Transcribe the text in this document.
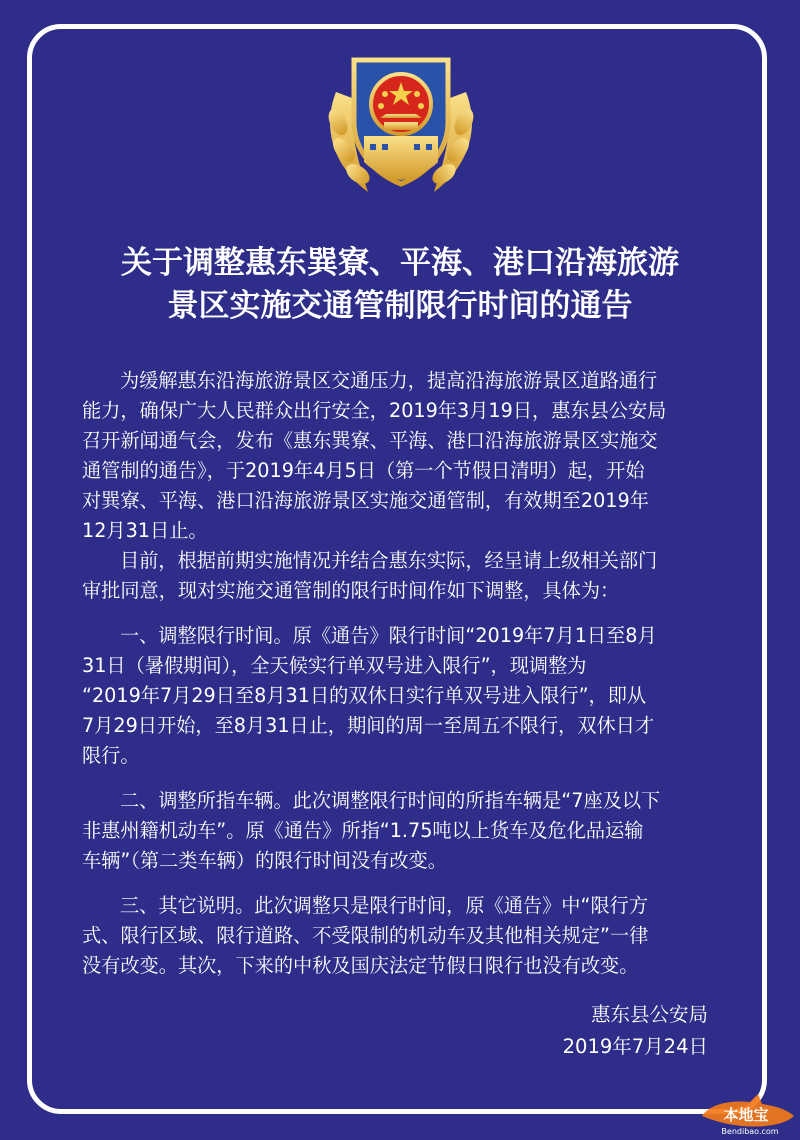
关于调整惠东巽寮、平海、港口沿海旅游
景区实施交通管制限行时间的通告

为缓解惠东沿海旅游景区交通压力，提高沿海旅游景区道路通行

能力，确保广大人民群众出行安全，2019年3月19日，惠东县公安局

召开新闻通气会，发布《惠东巽寮、平海、港口沿海旅游景区实施交

通管制的通告》，于2019年4月5日（第一个节假日清明）起，开始

对巽寮、平海、港口沿海旅游景区实施交通管制，有效期至2019年

12月31日止。

目前，根据前期实施情况并结合惠东实际，经呈请上级相关部门

审批同意，现对实施交通管制的限行时间作如下调整，具体为：

一、调整限行时间。原《通告》限行时间“2019年7月1日至8月

31日（暑假期间），全天候实行单双号进入限行”，现调整为

“2019年7月29日至8月31日的双休日实行单双号进入限行”，即从

7月29日开始，至8月31日止，期间的周一至周五不限行，双休日才

限行。

二、调整所指车辆。此次调整限行时间的所指车辆是“7座及以下

非惠州籍机动车”。原《通告》所指“1.75吨以上货车及危化品运输

车辆”（第二类车辆）的限行时间没有改变。

三、其它说明。此次调整只是限行时间，原《通告》中“限行方

式、限行区域、限行道路、不受限制的机动车及其他相关规定”一律

没有改变。其次，下来的中秋及国庆法定节假日限行也没有改变。

惠东县公安局

2019年7月24日

本地宝
Bendibao.com
